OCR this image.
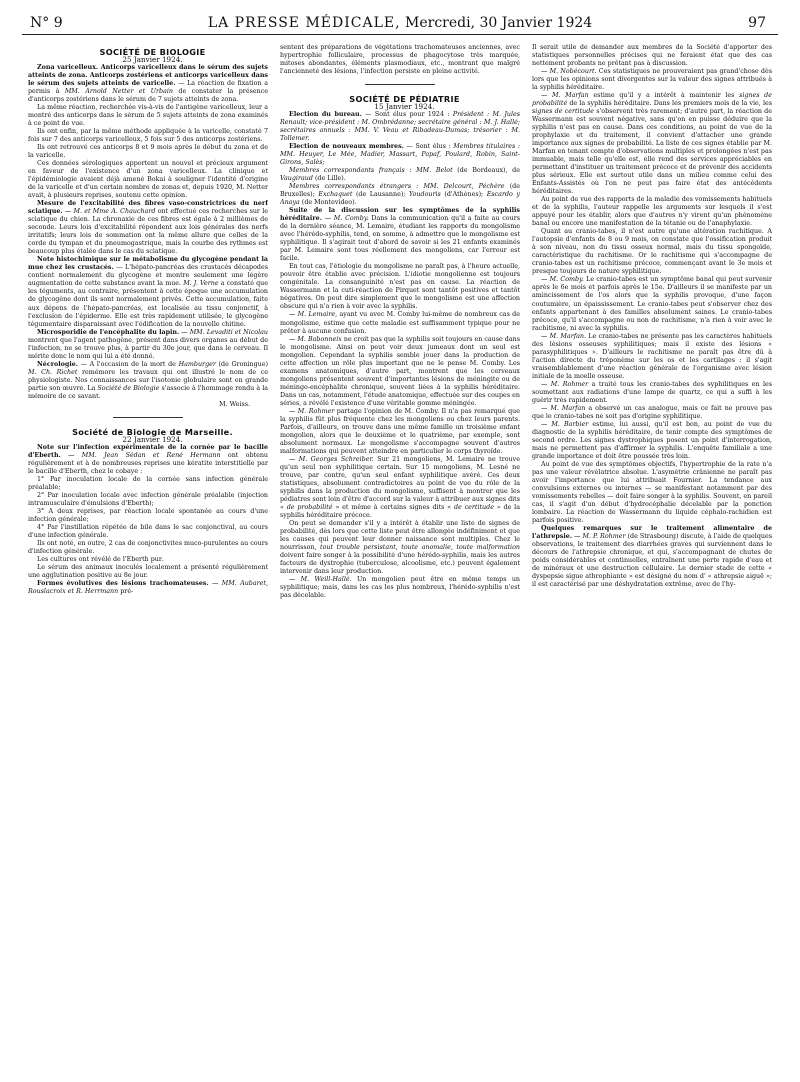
N° 9	LA PRESSE MÉDICALE, Mercredi, 30 Janvier 1924	97

SOCIÉTÉ DE BIOLOGIE

25 Janvier 1924.

Zona varicelleux. Anticorps varicelleux dans le sérum des sujets atteints de zona. Anticorps zostériens et anticorps varicelleux dans le sérum des sujets atteints de varicelle. — La réaction de fixation a permis à MM. Arnold Netter et Urbain de constater la présence d'anticorps zostériens dans le sérum de 7 sujets atteints de zona.

La même réaction, recherchée vis-à-vis de l'antigène varicelleux, leur a montré des anticorps dans le sérum de 5 sujets atteints de zona examinés à ce point de vue.

Ils ont enfin, par la même méthode appliquée à la varicelle, constaté 7 fois sur 7 des anticorps varicelleux, 5 fois sur 5 des anticorps zostériens.

Ils ont retrouvé ces anticorps 8 et 9 mois après le début du zona et de la varicelle.

Ces données sérologiques apportent un nouvel et précieux argument en faveur de l'existence d'un zona varicelleux. La clinique et l'épidémiologie avaient déjà amené Bokai à souligner l'identité d'origine de la varicelle et d'un certain nombre de zonas et, depuis 1920, M. Netter avait, à plusieurs reprises, soutenu cette opinion.

Mesure de l'excitabilité des fibres vaso-constrictrices du nerf sciatique. — M. et Mme A. Chauchard ont effectué ces recherches sur le sciatique du chien. La chronaxie de ces fibres est égale à 2 millièmes de seconde. Leurs lois d'excitabilité répondent aux lois générales des nerfs irritatifs; leurs lois de sommation ont la même allure que celles de la corde du tympan et du pneumogastrique, mais la courbe des rythmes est beaucoup plus étalée dans le cas du sciatique.

Note histochimique sur le métabolisme du glycogène pendant la mue chez les crustacés. — L'hépato-pancréas des crustacés décapodes contient normalement du glycogène et montre seulement une légère augmentation de cette substance avant la mue. M. J. Verne a constaté que les téguments, au contraire, présentent à cette époque une accumulation de glycogène dont ils sont normalement privés. Cette accumulation, faite aux dépens de l'hépato-pancréas, est localisée au tissu conjonctif, à l'exclusion de l'épiderme. Elle est très rapidement utilisée, le glycogène tégumentaire disparaissant avec l'édification de la nouvelle chitine.

Microsporidie de l'encéphalite du lapin. — MM. Levaditi et Nicolau montrent que l'agent pathogène, présent dans divers organes au début de l'infection, ne se trouve plus, à partir du 30e jour, que dans le cerveau. Il mérite donc le nom qui lui a été donné.

Nécrologie. — A l'occasion de la mort de Hamburger (de Groningue) M. Ch. Richet remémore les travaux qui ont illustré le nom de ce physiologiste. Nos connaissances sur l'isotonie globulaire sont en grande partie son œuvre. La Société de Biologie s'associe à l'hommage rendu à la mémoire de ce savant.

M. Weiss.

Société de Biologie de Marseille.

22 Janvier 1924.

Note sur l'infection expérimentale de la cornée par le bacille d'Eberth. — MM. Jean Sédan et René Hermann ont obtenu régulièrement et à de nombreuses reprises une kératite interstitielle par le bacille d'Eberth, chez le cobaye :

1° Par inoculation locale de la cornée sans infection générale préalable;

2° Par inoculation locale avec infection générale préalable (injection intramusculaire d'émulsions d'Eberth);

3° A deux reprises, par réaction locale spontanée au cours d'une infection générale;

4° Par l'instillation répétée de bile dans le sac conjonctival, au cours d'une infection générale.

Ils ont noté, en outre, 2 cas de conjonctivites muco-purulentes au cours d'infection générale.

Les cultures ont révélé de l'Eberth pur.

Le sérum des animaux inoculés localement a présenté régulièrement une agglutination positive au 8e jour.

Formes évolutives des lésions trachomateuses. — MM. Aubaret, Rouslacroix et R. Herrmann pré-

sentent des préparations de végétations trachomateuses anciennes, avec hypertrophie folliculaire, processus de phagocytose très marquée, mitoses abondantes, éléments plasmodiaux, etc., montrant que malgré l'ancienneté des lésions, l'infection persiste en pleine activité.

SOCIÉTÉ DE PÉDIATRIE

15 Janvier 1924.

Election du bureau. — Sont élus pour 1924 : Président : M. Jules Renault; vice-président : M. Ombrédanne; secrétaire général : M. J. Hallé; secrétaires annuels : MM. V. Veau et Ribadeau-Dumas; trésorier : M. Tollemer.

Election de nouveaux membres. — Sont élus : Membres titulaires : MM. Heuyer, Le Mée, Madier, Massart, Papaf, Poulard, Robin, Saint-Girons, Salès;

Membres correspondants français : MM. Belot (de Bordeaux), de Vaugiraud (de Lille).

Membres correspondants étrangers : MM. Delcourt, Péchère (de Bruxelles); Exchaquet (de Lausanne); Youdouris (d'Athènes); Escardo y Anaya (de Montevideo).

Suite de la discussion sur les symptômes de la syphilis héréditaire. — M. Comby. Dans la communication qu'il a faite au cours de la dernière séance, M. Lemaire, étudiant les rapports du mongolisme avec l'hérédo-syphilis, tend, en somme, à admettre que le mongolisme est syphilitique. Il s'agirait tout d'abord de savoir si les 21 enfants examinés par M. Lemaire sont tous réellement des mongoliens, car l'erreur est facile.

En tout cas, l'étiologie du mongolisme ne paraît pas, à l'heure actuelle, pouvoir être établie avec précision. L'idiotie mongolienne est toujours congénitale. La consanguinité n'est pas en cause. La réaction de Wassermann et la cuti-réaction de Pirquet sont tantôt positives et tantôt négatives. On peut dire simplement que le mongolisme est une affection obscure qui n'a rien à voir avec la syphilis.

— M. Lemaire, ayant vu avec M. Comby lui-même de nombreux cas de mongolisme, estime que cette maladie est suffisamment typique pour ne prêter à aucune confusion.

— M. Babonneix ne croit pas que la syphilis soit toujours en cause dans le mongolisme. Ainsi on peut voir deux jumeaux dont un seul est mongolien. Cependant la syphilis semble jouer dans la production de cette affection un rôle plus important que ne le pense M. Comby. Les examens anatomiques, d'autre part, montrent que les cerveaux mongoliens présentent souvent d'importantes lésions de méningite ou de méningo-encéphalite chronique, souvent liées à la syphilis héréditaire. Dans un cas, notamment, l'étude anatomique, effectuée sur des coupes en séries, a révélé l'existence d'une véritable gomme méningée.

— M. Rohmer partage l'opinion de M. Comby. Il n'a pas remarqué que la syphilis fût plus fréquente chez les mongoliens ou chez leurs parents. Parfois, d'ailleurs, on trouve dans une même famille un troisième enfant mongolien, alors que le deuxième et le quatrième, par exemple, sont absolument normaux. Le mongolisme s'accompagne souvent d'autres malformations qui peuvent atteindre en particulier le corps thyroïde.

— M. Georges Schreiber. Sur 21 mongoliens, M. Lemaire ne trouve qu'un seul non syphilitique certain. Sur 15 mongoliens, M. Lesné ne trouve, par contre, qu'un seul enfant syphilitique avéré. Ces deux statistiques, absolument contradictoires au point de vue du rôle de la syphilis dans la production du mongolisme, suffisent à montrer que les pédiatres sont loin d'être d'accord sur la valeur à attribuer aux signes dits « de probabilité » et même à certains signes dits « de certitude » de la syphilis héréditaire précoce.

On peut se demander s'il y a intérêt à établir une liste de signes de probabilité, dès lors que cette liste peut être allongée indéfiniment et que les causes qui peuvent leur donner naissance sont multiples. Chez le nourrisson, tout trouble persistant, toute anomalie, toute malformation doivent faire songer à la possibilité d'une hérédo-syphilis, mais les autres facteurs de dystrophie (tuberculose, alcoolisme, etc.) peuvent également intervenir dans leur production.

— M. Weill-Hallé. Un mongolien peut être en même temps un syphilitique; mais, dans les cas les plus nombreux, l'hérédo-syphilis n'est pas décelable.

Il serait utile de demander aux membres de la Société d'apporter des statistiques personnelles précises qui ne feraient état que des cas nettement probants ne prêtant pas à discussion.

— M. Nobécourt. Ces statistiques ne prouveraient pas grand'chose dès lors que les opinions sont divergentes sur la valeur des signes attribués à la syphilis héréditaire.

— M. Marfan estime qu'il y a intérêt à maintenir les signes de probabilité de la syphilis héréditaire. Dans les premiers mois de la vie, les signes de certitude s'observent très rarement; d'autre part, la réaction de Wassermann est souvent négative, sans qu'on en puisse déduire que la syphilis n'est pas en cause. Dans ces conditions, au point de vue de la prophylaxie et du traitement, il convient d'attacher une grande importance aux signes de probabilité. La liste de ces signes établie par M. Marfan en tenant compte d'observations multiples et prolongées n'est pas immuable, mais telle qu'elle est, elle rend des services appréciables en permettant d'instituer un traitement précoce et de prévenir des accidents plus sérieux. Elle est surtout utile dans un milieu comme celui des Enfants-Assistés où l'on ne peut pas faire état des antécédents héréditaires.

Au point de vue des rapports de la maladie des vomissements habituels et de la syphilis, l'auteur rappelle les arguments sur lesquels il s'est appuyé pour les établir, alors que d'autres n'y virent qu'un phénomène banal ou encore une manifestation de la tétanie ou de l'anaphylaxie.

Quant au cranio-tabes, il n'est autre qu'une altération rachitique. A l'autopsie d'enfants de 8 ou 9 mois, on constate que l'ossification produit à son niveau, non du tissu osseux normal, mais du tissu spongoïde, caractéristique du rachitisme. Or le rachitisme qui s'accompagne de cranio-tabes est un rachitisme précoce, commençant avant le 3e mois et presque toujours de nature syphilitique.

— M. Comby. Le cranio-tabes est un symptôme banal qui peut survenir après le 6e mois et parfois après le 15e. D'ailleurs il se manifeste par un amincissement de l'os alors que la syphilis provoque, d'une façon coutumière, un épaississement. Le cranio-tabes peut s'observer chez des enfants appartenant à des familles absolument saines. Le cranio-tabes précoce, qu'il s'accompagne ou non de rachitisme, n'a rien à voir avec le rachitisme, ni avec la syphilis.

— M. Marfan. Le cranio-tabes ne présente pas les caractères habituels des lésions osseuses syphilitiques; mais il existe des lésions « parasyphilitiques ». D'ailleurs le rachitisme ne paraît pas être dû à l'action directe du tréponème sur les os et les cartilages : il s'agit vraisemblablement d'une réaction générale de l'organisme avec lésion initiale de la moelle osseuse.

— M. Rohmer a traité tous les cranio-tabes des syphilitiques en les soumettant aux radiations d'une lampe de quartz, ce qui a suffi à les guérir très rapidement.

— M. Marfan a observé un cas analogue, mais ce fait ne prouve pas que le cranio-tabes ne soit pas d'origine syphilitique.

— M. Barbier estime, lui aussi, qu'il est bon, au point de vue du diagnostic de la syphilis héréditaire, de tenir compte des symptômes de second ordre. Les signes dystrophiques posent un point d'interrogation, mais ne permettent pas d'affirmer la syphilis. L'enquête familiale a une grande importance et doit être poussée très loin.

Au point de vue des symptômes objectifs, l'hypertrophie de la rate n'a pas une valeur révélatrice absolue. L'asymétrie crânienne ne paraît pas avoir l'importance que lui attribuait Fournier. La tendance aux convulsions externes ou internes — se manifestant notamment par des vomissements rebelles — doit faire songer à la syphilis. Souvent, en pareil cas, il s'agit d'un début d'hydrocéphalie décelable par la ponction lombaire. La réaction de Wassermann du liquide céphalo-rachidien est parfois positive.

Quelques remarques sur le traitement alimentaire de l'athrepsie. — M. P. Rohmer (de Strasbourg) discute, à l'aide de quelques observations, le traitement des diarrhées graves qui surviennent dans le décours de l'athrepsie chronique, et qui, s'accompagnant de chutes de poids considérables et continuelles, entraînent une perte rapide d'eau et de minéraux et une destruction cellulaire. Le dernier stade de cette « dyspepsie sigue athrophiante » est désigné du nom d' « athrepsie aiguë »; il est caractérisé par une déshydratation extrême, avec de l'hy-
